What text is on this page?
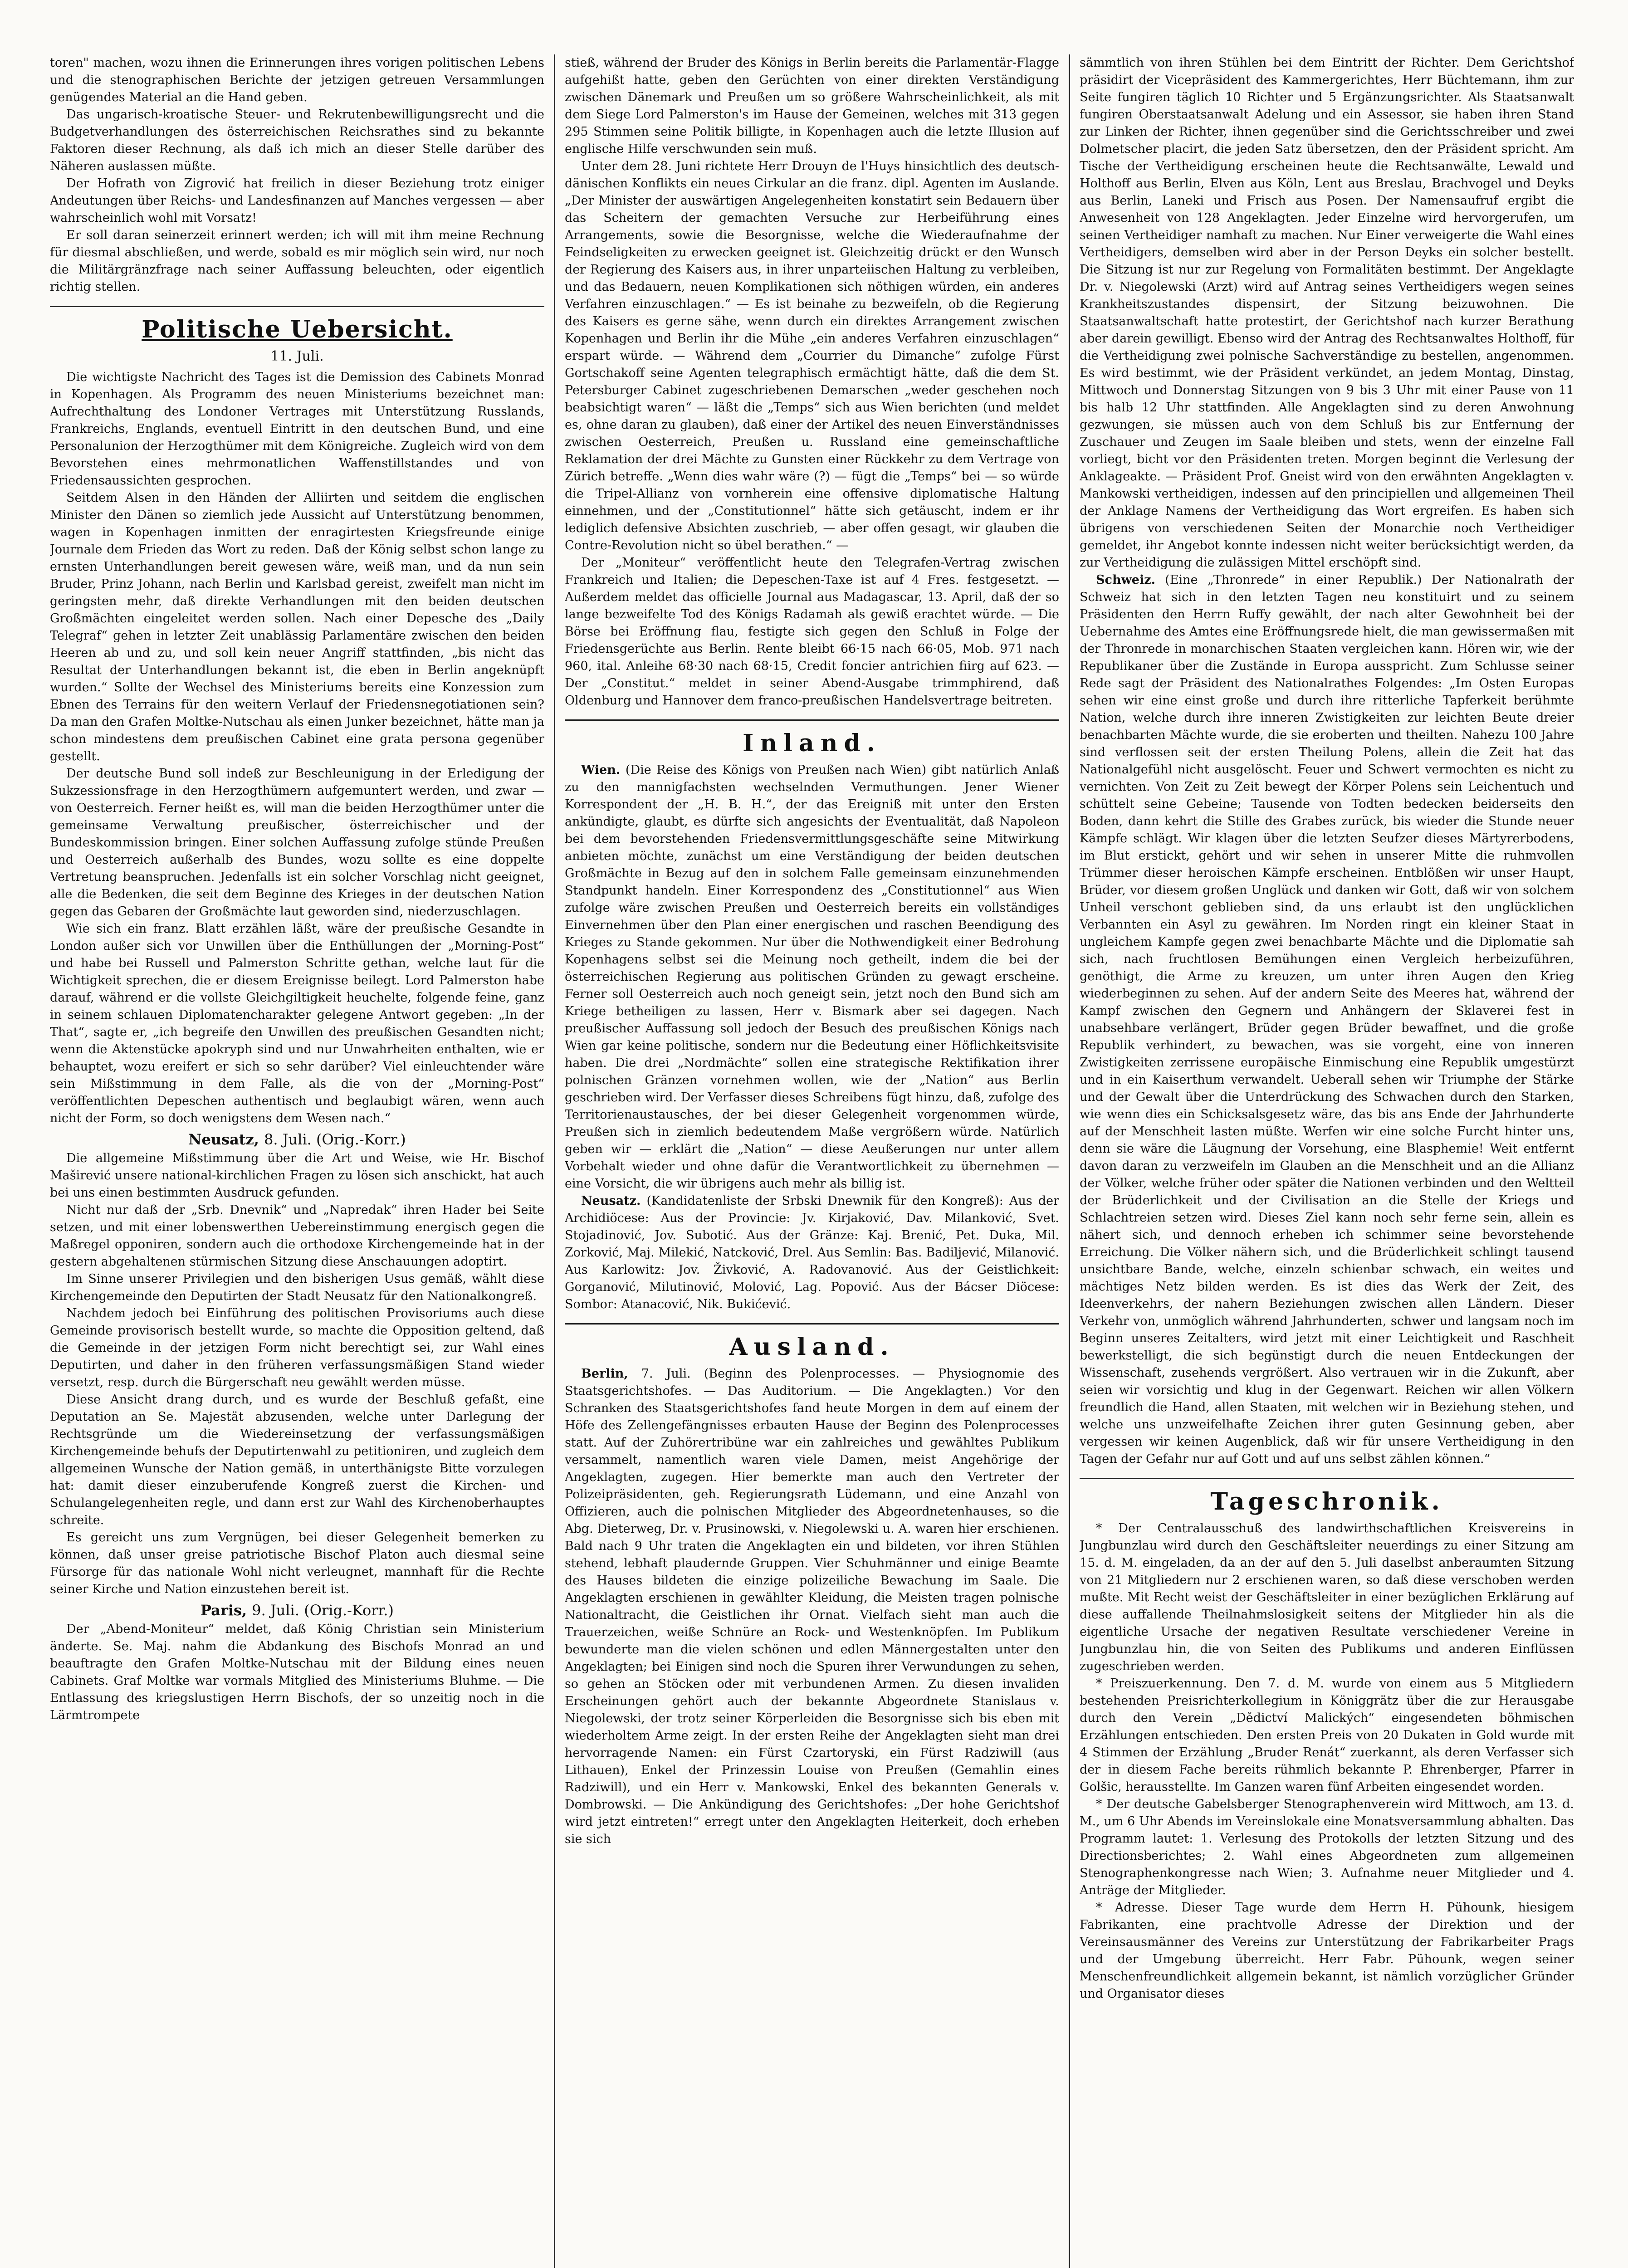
toren" machen, wozu ihnen die Erinnerungen ihres vorigen politischen Lebens und die stenographischen Berichte der jetzigen getreuen Versammlungen genügendes Material an die Hand geben.

Das ungarisch-kroatische Steuer- und Rekrutenbewilligungsrecht und die Budgetverhandlungen des österreichischen Reichsrathes sind zu bekannte Faktoren dieser Rechnung, als daß ich mich an dieser Stelle darüber des Näheren auslassen müßte.

Der Hofrath von Zigrović hat freilich in dieser Beziehung trotz einiger Andeutungen über Reichs- und Landesfinanzen auf Manches vergessen — aber wahrscheinlich wohl mit Vorsatz!

Er soll daran seinerzeit erinnert werden; ich will mit ihm meine Rechnung für diesmal abschließen, und werde, sobald es mir möglich sein wird, nur noch die Militärgränzfrage nach seiner Auffassung beleuchten, oder eigentlich richtig stellen.

Politische Uebersicht.
11. Juli.

Die wichtigste Nachricht des Tages ist die Demission des Cabinets Monrad in Kopenhagen. Als Programm des neuen Ministeriums bezeichnet man: Aufrechthaltung des Londoner Vertrages mit Unterstützung Russlands, Frankreichs, Englands, eventuell Eintritt in den deutschen Bund, und eine Personalunion der Herzogthümer mit dem Königreiche. Zugleich wird von dem Bevorstehen eines mehrmonatlichen Waffenstillstandes und von Friedensaussichten gesprochen.

Seitdem Alsen in den Händen der Alliirten und seitdem die englischen Minister den Dänen so ziemlich jede Aussicht auf Unterstützung benommen, wagen in Kopenhagen inmitten der enragirtesten Kriegsfreunde einige Journale dem Frieden das Wort zu reden. Daß der König selbst schon lange zu ernsten Unterhandlungen bereit gewesen wäre, weiß man, und da nun sein Bruder, Prinz Johann, nach Berlin und Karlsbad gereist, zweifelt man nicht im geringsten mehr, daß direkte Verhandlungen mit den beiden deutschen Großmächten eingeleitet werden sollen. Nach einer Depesche des „Daily Telegraf“ gehen in letzter Zeit unablässig Parlamentäre zwischen den beiden Heeren ab und zu, und soll kein neuer Angriff stattfinden, „bis nicht das Resultat der Unterhandlungen bekannt ist, die eben in Berlin angeknüpft wurden.“ Sollte der Wechsel des Ministeriums bereits eine Konzession zum Ebnen des Terrains für den weitern Verlauf der Friedensnegotiationen sein? Da man den Grafen Moltke-Nutschau als einen Junker bezeichnet, hätte man ja schon mindestens dem preußischen Cabinet eine grata persona gegenüber gestellt.

Der deutsche Bund soll indeß zur Beschleunigung in der Erledigung der Sukzessionsfrage in den Herzogthümern aufgemuntert werden, und zwar — von Oesterreich. Ferner heißt es, will man die beiden Herzogthümer unter die gemeinsame Verwaltung preußischer, österreichischer und der Bundeskommission bringen. Einer solchen Auffassung zufolge stünde Preußen und Oesterreich außerhalb des Bundes, wozu sollte es eine doppelte Vertretung beanspruchen. Jedenfalls ist ein solcher Vorschlag nicht geeignet, alle die Bedenken, die seit dem Beginne des Krieges in der deutschen Nation gegen das Gebaren der Großmächte laut geworden sind, niederzuschlagen.

Wie sich ein franz. Blatt erzählen läßt, wäre der preußische Gesandte in London außer sich vor Unwillen über die Enthüllungen der „Morning-Post“ und habe bei Russell und Palmerston Schritte gethan, welche laut für die Wichtigkeit sprechen, die er diesem Ereignisse beilegt. Lord Palmerston habe darauf, während er die vollste Gleichgiltigkeit heuchelte, folgende feine, ganz in seinem schlauen Diplomatencharakter gelegene Antwort gegeben: „In der That“, sagte er, „ich begreife den Unwillen des preußischen Gesandten nicht; wenn die Aktenstücke apokryph sind und nur Unwahrheiten enthalten, wie er behauptet, wozu ereifert er sich so sehr darüber? Viel einleuchtender wäre sein Mißstimmung in dem Falle, als die von der „Morning-Post“ veröffentlichten Depeschen authentisch und beglaubigt wären, wenn auch nicht der Form, so doch wenigstens dem Wesen nach.“

Neusatz, 8. Juli. (Orig.-Korr.)

Die allgemeine Mißstimmung über die Art und Weise, wie Hr. Bischof Maširević unsere national-kirchlichen Fragen zu lösen sich anschickt, hat auch bei uns einen bestimmten Ausdruck gefunden.

Nicht nur daß der „Srb. Dnevnik“ und „Napredak“ ihren Hader bei Seite setzen, und mit einer lobenswerthen Uebereinstimmung energisch gegen die Maßregel opponiren, sondern auch die orthodoxe Kirchengemeinde hat in der gestern abgehaltenen stürmischen Sitzung diese Anschauungen adoptirt.

Im Sinne unserer Privilegien und den bisherigen Usus gemäß, wählt diese Kirchengemeinde den Deputirten der Stadt Neusatz für den Nationalkongreß.

Nachdem jedoch bei Einführung des politischen Provisoriums auch diese Gemeinde provisorisch bestellt wurde, so machte die Opposition geltend, daß die Gemeinde in der jetzigen Form nicht berechtigt sei, zur Wahl eines Deputirten, und daher in den früheren verfassungsmäßigen Stand wieder versetzt, resp. durch die Bürgerschaft neu gewählt werden müsse.

Diese Ansicht drang durch, und es wurde der Beschluß gefaßt, eine Deputation an Se. Majestät abzusenden, welche unter Darlegung der Rechtsgründe um die Wiedereinsetzung der verfassungsmäßigen Kirchengemeinde behufs der Deputirtenwahl zu petitioniren, und zugleich dem allgemeinen Wunsche der Nation gemäß, in unterthänigste Bitte vorzulegen hat: damit dieser einzuberufende Kongreß zuerst die Kirchen- und Schulangelegenheiten regle, und dann erst zur Wahl des Kirchenoberhauptes schreite.

Es gereicht uns zum Vergnügen, bei dieser Gelegenheit bemerken zu können, daß unser greise patriotische Bischof Platon auch diesmal seine Fürsorge für das nationale Wohl nicht verleugnet, mannhaft für die Rechte seiner Kirche und Nation einzustehen bereit ist.

Paris, 9. Juli. (Orig.-Korr.)

Der „Abend-Moniteur“ meldet, daß König Christian sein Ministerium änderte. Se. Maj. nahm die Abdankung des Bischofs Monrad an und beauftragte den Grafen Moltke-Nutschau mit der Bildung eines neuen Cabinets. Graf Moltke war vormals Mitglied des Ministeriums Bluhme. — Die Entlassung des kriegslustigen Herrn Bischofs, der so unzeitig noch in die Lärmtrompete

stieß, während der Bruder des Königs in Berlin bereits die Parlamentär-Flagge aufgehißt hatte, geben den Gerüchten von einer direkten Verständigung zwischen Dänemark und Preußen um so größere Wahrscheinlichkeit, als mit dem Siege Lord Palmerston's im Hause der Gemeinen, welches mit 313 gegen 295 Stimmen seine Politik billigte, in Kopenhagen auch die letzte Illusion auf englische Hilfe verschwunden sein muß.

Unter dem 28. Juni richtete Herr Drouyn de l'Huys hinsichtlich des deutsch-dänischen Konflikts ein neues Cirkular an die franz. dipl. Agenten im Auslande. „Der Minister der auswärtigen Angelegenheiten konstatirt sein Bedauern über das Scheitern der gemachten Versuche zur Herbeiführung eines Arrangements, sowie die Besorgnisse, welche die Wiederaufnahme der Feindseligkeiten zu erwecken geeignet ist. Gleichzeitig drückt er den Wunsch der Regierung des Kaisers aus, in ihrer unparteiischen Haltung zu verbleiben, und das Bedauern, neuen Komplikationen sich nöthigen würden, ein anderes Verfahren einzuschlagen.“ — Es ist beinahe zu bezweifeln, ob die Regierung des Kaisers es gerne sähe, wenn durch ein direktes Arrangement zwischen Kopenhagen und Berlin ihr die Mühe „ein anderes Verfahren einzuschlagen“ erspart würde. — Während dem „Courrier du Dimanche“ zufolge Fürst Gortschakoff seine Agenten telegraphisch ermächtigt hätte, daß die dem St. Petersburger Cabinet zugeschriebenen Demarschen „weder geschehen noch beabsichtigt waren“ — läßt die „Temps“ sich aus Wien berichten (und meldet es, ohne daran zu glauben), daß einer der Artikel des neuen Einverständnisses zwischen Oesterreich, Preußen u. Russland eine gemeinschaftliche Reklamation der drei Mächte zu Gunsten einer Rückkehr zu dem Vertrage von Zürich betreffe. „Wenn dies wahr wäre (?) — fügt die „Temps“ bei — so würde die Tripel-Allianz von vornherein eine offensive diplomatische Haltung einnehmen, und der „Constitutionnel“ hätte sich getäuscht, indem er ihr lediglich defensive Absichten zuschrieb, — aber offen gesagt, wir glauben die Contre-Revolution nicht so übel berathen.“ —

Der „Moniteur“ veröffentlicht heute den Telegrafen-Vertrag zwischen Frankreich und Italien; die Depeschen-Taxe ist auf 4 Fres. festgesetzt. — Außerdem meldet das officielle Journal aus Madagascar, 13. April, daß der so lange bezweifelte Tod des Königs Radamah als gewiß erachtet würde. — Die Börse bei Eröffnung flau, festigte sich gegen den Schluß in Folge der Friedensgerüchte aus Berlin. Rente bleibt 66·15 nach 66·05, Mob. 971 nach 960, ital. Anleihe 68·30 nach 68·15, Credit foncier antrichien fiirg auf 623. — Der „Constitut.“ meldet in seiner Abend-Ausgabe trimmphirend, daß Oldenburg und Hannover dem franco-preußischen Handelsvertrage beitreten.

Inland.

Wien. (Die Reise des Königs von Preußen nach Wien) gibt natürlich Anlaß zu den mannigfachsten wechselnden Vermuthungen. Jener Wiener Korrespondent der „H. B. H.“, der das Ereigniß mit unter den Ersten ankündigte, glaubt, es dürfte sich angesichts der Eventualität, daß Napoleon bei dem bevorstehenden Friedensvermittlungsgeschäfte seine Mitwirkung anbieten möchte, zunächst um eine Verständigung der beiden deutschen Großmächte in Bezug auf den in solchem Falle gemeinsam einzunehmenden Standpunkt handeln. Einer Korrespondenz des „Constitutionnel“ aus Wien zufolge wäre zwischen Preußen und Oesterreich bereits ein vollständiges Einvernehmen über den Plan einer energischen und raschen Beendigung des Krieges zu Stande gekommen. Nur über die Nothwendigkeit einer Bedrohung Kopenhagens selbst sei die Meinung noch getheilt, indem die bei der österreichischen Regierung aus politischen Gründen zu gewagt erscheine. Ferner soll Oesterreich auch noch geneigt sein, jetzt noch den Bund sich am Kriege betheiligen zu lassen, Herr v. Bismark aber sei dagegen. Nach preußischer Auffassung soll jedoch der Besuch des preußischen Königs nach Wien gar keine politische, sondern nur die Bedeutung einer Höflichkeitsvisite haben. Die drei „Nordmächte“ sollen eine strategische Rektifikation ihrer polnischen Gränzen vornehmen wollen, wie der „Nation“ aus Berlin geschrieben wird. Der Verfasser dieses Schreibens fügt hinzu, daß, zufolge des Territorienaustausches, der bei dieser Gelegenheit vorgenommen würde, Preußen sich in ziemlich bedeutendem Maße vergrößern würde. Natürlich geben wir — erklärt die „Nation“ — diese Aeußerungen nur unter allem Vorbehalt wieder und ohne dafür die Verantwortlichkeit zu übernehmen — eine Vorsicht, die wir übrigens auch mehr als billig ist.

Neusatz. (Kandidatenliste der Srbski Dnewnik für den Kongreß): Aus der Archidiöcese: Aus der Provincie: Jv. Kirjaković, Dav. Milanković, Svet. Stojadinović, Jov. Subotić. Aus der Gränze: Kaj. Brenić, Pet. Duka, Mil. Zorković, Maj. Milekić, Natcković, Drel. Aus Semlin: Bas. Badiljević, Milanović. Aus Karlowitz: Jov. Živković, A. Radovanović. Aus der Geistlichkeit: Gorganović, Milutinović, Molović, Lag. Popović. Aus der Bácser Diöcese: Sombor: Atanacović, Nik. Bukićević.

Ausland.

Berlin, 7. Juli. (Beginn des Polenprocesses. — Physiognomie des Staatsgerichtshofes. — Das Auditorium. — Die Angeklagten.) Vor den Schranken des Staatsgerichtshofes fand heute Morgen in dem auf einem der Höfe des Zellengefängnisses erbauten Hause der Beginn des Polenprocesses statt. Auf der Zuhörertribüne war ein zahlreiches und gewähltes Publikum versammelt, namentlich waren viele Damen, meist Angehörige der Angeklagten, zugegen. Hier bemerkte man auch den Vertreter der Polizeipräsidenten, geh. Regierungsrath Lüdemann, und eine Anzahl von Offizieren, auch die polnischen Mitglieder des Abgeordnetenhauses, so die Abg. Dieterweg, Dr. v. Prusinowski, v. Niegolewski u. A. waren hier erschienen. Bald nach 9 Uhr traten die Angeklagten ein und bildeten, vor ihren Stühlen stehend, lebhaft plaudernde Gruppen. Vier Schuhmänner und einige Beamte des Hauses bildeten die einzige polizeiliche Bewachung im Saale. Die Angeklagten erschienen in gewählter Kleidung, die Meisten tragen polnische Nationaltracht, die Geistlichen ihr Ornat. Vielfach sieht man auch die Trauerzeichen, weiße Schnüre an Rock- und Westenknöpfen. Im Publikum bewunderte man die vielen schönen und edlen Männergestalten unter den Angeklagten; bei Einigen sind noch die Spuren ihrer Verwundungen zu sehen, so gehen an Stöcken oder mit verbundenen Armen. Zu diesen invaliden Erscheinungen gehört auch der bekannte Abgeordnete Stanislaus v. Niegolewski, der trotz seiner Körperleiden die Besorgnisse sich bis eben mit wiederholtem Arme zeigt. In der ersten Reihe der Angeklagten sieht man drei hervorragende Namen: ein Fürst Czartoryski, ein Fürst Radziwill (aus Lithauen), Enkel der Prinzessin Louise von Preußen (Gemahlin eines Radziwill), und ein Herr v. Mankowski, Enkel des bekannten Generals v. Dombrowski. — Die Ankündigung des Gerichtshofes: „Der hohe Gerichtshof wird jetzt eintreten!“ erregt unter den Angeklagten Heiterkeit, doch erheben sie sich

sämmtlich von ihren Stühlen bei dem Eintritt der Richter. Dem Gerichtshof präsidirt der Vicepräsident des Kammergerichtes, Herr Büchtemann, ihm zur Seite fungiren täglich 10 Richter und 5 Ergänzungsrichter. Als Staatsanwalt fungiren Oberstaatsanwalt Adelung und ein Assessor, sie haben ihren Stand zur Linken der Richter, ihnen gegenüber sind die Gerichtsschreiber und zwei Dolmetscher placirt, die jeden Satz übersetzen, den der Präsident spricht. Am Tische der Vertheidigung erscheinen heute die Rechtsanwälte, Lewald und Holthoff aus Berlin, Elven aus Köln, Lent aus Breslau, Brachvogel und Deyks aus Berlin, Laneki und Frisch aus Posen. Der Namensaufruf ergibt die Anwesenheit von 128 Angeklagten. Jeder Einzelne wird hervorgerufen, um seinen Vertheidiger namhaft zu machen. Nur Einer verweigerte die Wahl eines Vertheidigers, demselben wird aber in der Person Deyks ein solcher bestellt. Die Sitzung ist nur zur Regelung von Formalitäten bestimmt. Der Angeklagte Dr. v. Niegolewski (Arzt) wird auf Antrag seines Vertheidigers wegen seines Krankheitszustandes dispensirt, der Sitzung beizuwohnen. Die Staatsanwaltschaft hatte protestirt, der Gerichtshof nach kurzer Berathung aber darein gewilligt. Ebenso wird der Antrag des Rechtsanwaltes Holthoff, für die Vertheidigung zwei polnische Sachverständige zu bestellen, angenommen. Es wird bestimmt, wie der Präsident verkündet, an jedem Montag, Dinstag, Mittwoch und Donnerstag Sitzungen von 9 bis 3 Uhr mit einer Pause von 11 bis halb 12 Uhr stattfinden. Alle Angeklagten sind zu deren Anwohnung gezwungen, sie müssen auch von dem Schluß bis zur Entfernung der Zuschauer und Zeugen im Saale bleiben und stets, wenn der einzelne Fall vorliegt, bicht vor den Präsidenten treten. Morgen beginnt die Verlesung der Anklageakte. — Präsident Prof. Gneist wird von den erwähnten Angeklagten v. Mankowski vertheidigen, indessen auf den principiellen und allgemeinen Theil der Anklage Namens der Vertheidigung das Wort ergreifen. Es haben sich übrigens von verschiedenen Seiten der Monarchie noch Vertheidiger gemeldet, ihr Angebot konnte indessen nicht weiter berücksichtigt werden, da zur Vertheidigung die zulässigen Mittel erschöpft sind.

Schweiz. (Eine „Thronrede“ in einer Republik.) Der Nationalrath der Schweiz hat sich in den letzten Tagen neu konstituirt und zu seinem Präsidenten den Herrn Ruffy gewählt, der nach alter Gewohnheit bei der Uebernahme des Amtes eine Eröffnungsrede hielt, die man gewissermaßen mit der Thronrede in monarchischen Staaten vergleichen kann. Hören wir, wie der Republikaner über die Zustände in Europa ausspricht. Zum Schlusse seiner Rede sagt der Präsident des Nationalrathes Folgendes: „Im Osten Europas sehen wir eine einst große und durch ihre ritterliche Tapferkeit berühmte Nation, welche durch ihre inneren Zwistigkeiten zur leichten Beute dreier benachbarten Mächte wurde, die sie eroberten und theilten. Nahezu 100 Jahre sind verflossen seit der ersten Theilung Polens, allein die Zeit hat das Nationalgefühl nicht ausgelöscht. Feuer und Schwert vermochten es nicht zu vernichten. Von Zeit zu Zeit bewegt der Körper Polens sein Leichentuch und schüttelt seine Gebeine; Tausende von Todten bedecken beiderseits den Boden, dann kehrt die Stille des Grabes zurück, bis wieder die Stunde neuer Kämpfe schlägt. Wir klagen über die letzten Seufzer dieses Märtyrerbodens, im Blut erstickt, gehört und wir sehen in unserer Mitte die ruhmvollen Trümmer dieser heroischen Kämpfe erscheinen. Entblößen wir unser Haupt, Brüder, vor diesem großen Unglück und danken wir Gott, daß wir von solchem Unheil verschont geblieben sind, da uns erlaubt ist den unglücklichen Verbannten ein Asyl zu gewähren. Im Norden ringt ein kleiner Staat in ungleichem Kampfe gegen zwei benachbarte Mächte und die Diplomatie sah sich, nach fruchtlosen Bemühungen einen Vergleich herbeizuführen, genöthigt, die Arme zu kreuzen, um unter ihren Augen den Krieg wiederbeginnen zu sehen. Auf der andern Seite des Meeres hat, während der Kampf zwischen den Gegnern und Anhängern der Sklaverei fest in unabsehbare verlängert, Brüder gegen Brüder bewaffnet, und die große Republik verhindert, zu bewachen, was sie vorgeht, eine von inneren Zwistigkeiten zerrissene europäische Einmischung eine Republik umgestürzt und in ein Kaiserthum verwandelt. Ueberall sehen wir Triumphe der Stärke und der Gewalt über die Unterdrückung des Schwachen durch den Starken, wie wenn dies ein Schicksalsgesetz wäre, das bis ans Ende der Jahrhunderte auf der Menschheit lasten müßte. Werfen wir eine solche Furcht hinter uns, denn sie wäre die Läugnung der Vorsehung, eine Blasphemie! Weit entfernt davon daran zu verzweifeln im Glauben an die Menschheit und an die Allianz der Völker, welche früher oder später die Nationen verbinden und den Weltteil der Brüderlichkeit und der Civilisation an die Stelle der Kriegs und Schlachtreien setzen wird. Dieses Ziel kann noch sehr ferne sein, allein es nähert sich, und dennoch erheben ich schimmer seine bevorstehende Erreichung. Die Völker nähern sich, und die Brüderlichkeit schlingt tausend unsichtbare Bande, welche, einzeln schienbar schwach, ein weites und mächtiges Netz bilden werden. Es ist dies das Werk der Zeit, des Ideenverkehrs, der nahern Beziehungen zwischen allen Ländern. Dieser Verkehr von, unmöglich während Jahrhunderten, schwer und langsam noch im Beginn unseres Zeitalters, wird jetzt mit einer Leichtigkeit und Raschheit bewerkstelligt, die sich begünstigt durch die neuen Entdeckungen der Wissenschaft, zusehends vergrößert. Also vertrauen wir in die Zukunft, aber seien wir vorsichtig und klug in der Gegenwart. Reichen wir allen Völkern freundlich die Hand, allen Staaten, mit welchen wir in Beziehung stehen, und welche uns unzweifelhafte Zeichen ihrer guten Gesinnung geben, aber vergessen wir keinen Augenblick, daß wir für unsere Vertheidigung in den Tagen der Gefahr nur auf Gott und auf uns selbst zählen können.“

Tageschronik.

* Der Centralausschuß des landwirthschaftlichen Kreisvereins in Jungbunzlau wird durch den Geschäftsleiter neuerdings zu einer Sitzung am 15. d. M. eingeladen, da an der auf den 5. Juli daselbst anberaumten Sitzung von 21 Mitgliedern nur 2 erschienen waren, so daß diese verschoben werden mußte. Mit Recht weist der Geschäftsleiter in einer bezüglichen Erklärung auf diese auffallende Theilnahmslosigkeit seitens der Mitglieder hin als die eigentliche Ursache der negativen Resultate verschiedener Vereine in Jungbunzlau hin, die von Seiten des Publikums und anderen Einflüssen zugeschrieben werden.

* Preiszuerkennung. Den 7. d. M. wurde von einem aus 5 Mitgliedern bestehenden Preisrichterkollegium in Königgrätz über die zur Herausgabe durch den Verein „Dědictví Malických“ eingesendeten böhmischen Erzählungen entschieden. Den ersten Preis von 20 Dukaten in Gold wurde mit 4 Stimmen der Erzählung „Bruder Renát“ zuerkannt, als deren Verfasser sich der in diesem Fache bereits rühmlich bekannte P. Ehrenberger, Pfarrer in Golšic, herausstellte. Im Ganzen waren fünf Arbeiten eingesendet worden.

* Der deutsche Gabelsberger Stenographenverein wird Mittwoch, am 13. d. M., um 6 Uhr Abends im Vereinslokale eine Monatsversammlung abhalten. Das Programm lautet: 1. Verlesung des Protokolls der letzten Sitzung und des Directionsberichtes; 2. Wahl eines Abgeordneten zum allgemeinen Stenographenkongresse nach Wien; 3. Aufnahme neuer Mitglieder und 4. Anträge der Mitglieder.

* Adresse. Dieser Tage wurde dem Herrn H. Pühounk, hiesigem Fabrikanten, eine prachtvolle Adresse der Direktion und der Vereinsausmänner des Vereins zur Unterstützung der Fabrikarbeiter Prags und der Umgebung überreicht. Herr Fabr. Pühounk, wegen seiner Menschenfreundlichkeit allgemein bekannt, ist nämlich vorzüglicher Gründer und Organisator dieses
